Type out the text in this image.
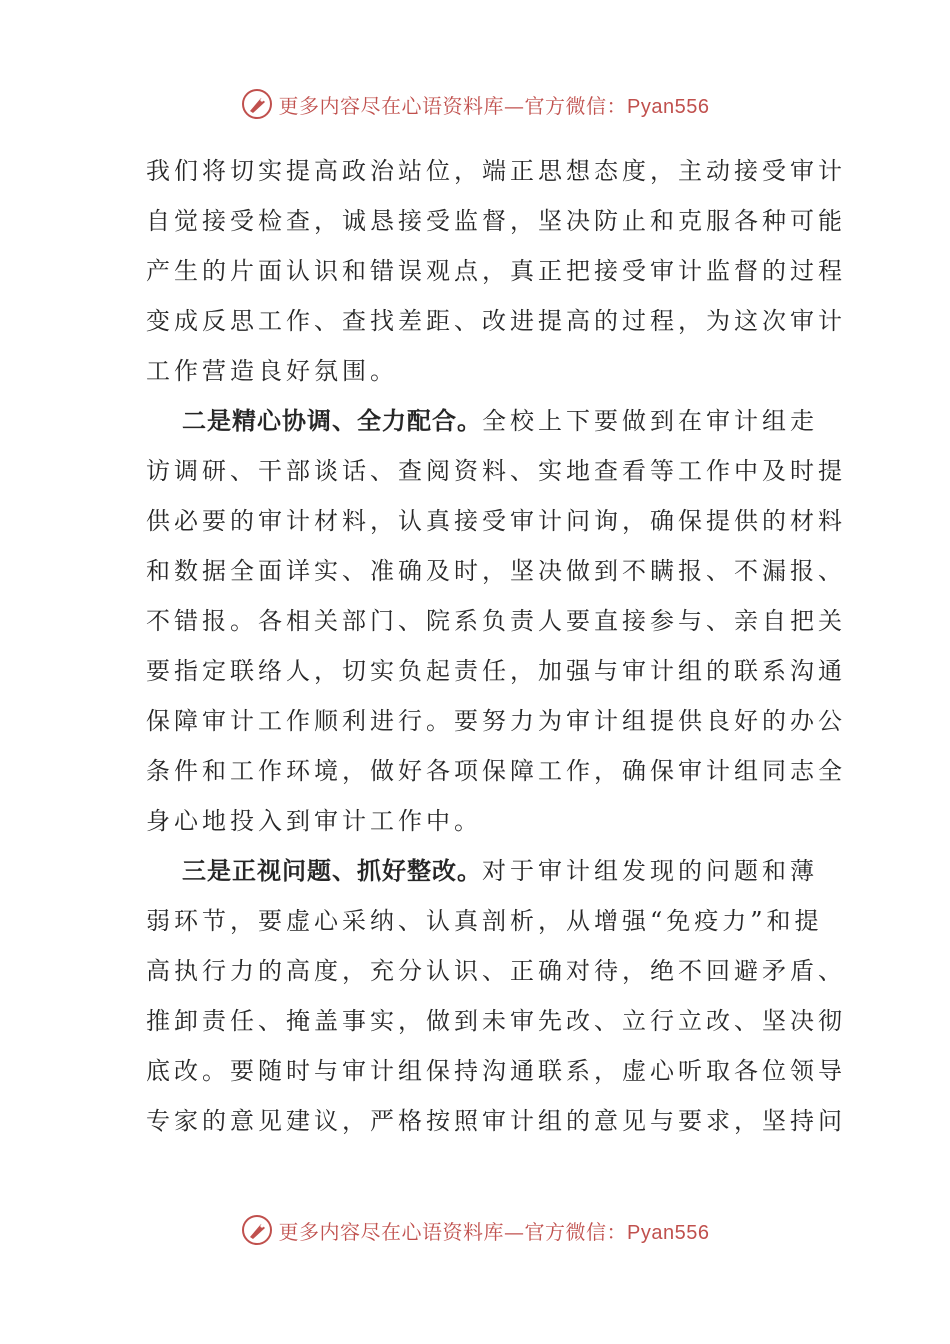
更多内容尽在心语资料库—官方微信：Pyan556
我们将切实提高政治站位，端正思想态度，主动接受审计
自觉接受检查，诚恳接受监督，坚决防止和克服各种可能
产生的片面认识和错误观点，真正把接受审计监督的过程
变成反思工作、查找差距、改进提高的过程，为这次审计
工作营造良好氛围。
二是精心协调、全力配合。全校上下要做到在审计组走
访调研、干部谈话、查阅资料、实地查看等工作中及时提
供必要的审计材料，认真接受审计问询，确保提供的材料
和数据全面详实、准确及时，坚决做到不瞒报、不漏报、
不错报。各相关部门、院系负责人要直接参与、亲自把关
要指定联络人，切实负起责任，加强与审计组的联系沟通
保障审计工作顺利进行。要努力为审计组提供良好的办公
条件和工作环境，做好各项保障工作，确保审计组同志全
身心地投入到审计工作中。
三是正视问题、抓好整改。对于审计组发现的问题和薄
弱环节，要虚心采纳、认真剖析，从增强“免疫力”和提
高执行力的高度，充分认识、正确对待，绝不回避矛盾、
推卸责任、掩盖事实，做到未审先改、立行立改、坚决彻
底改。要随时与审计组保持沟通联系，虚心听取各位领导
专家的意见建议，严格按照审计组的意见与要求，坚持问
更多内容尽在心语资料库—官方微信：Pyan556
